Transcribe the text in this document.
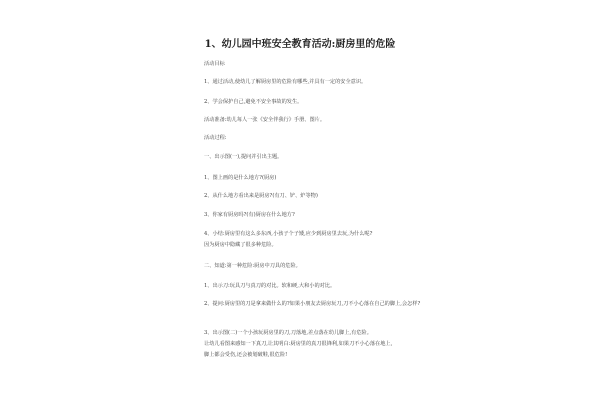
1、幼儿园中班安全教育活动:厨房里的危险
活动目标
1、通过活动,使幼儿了解厨房里的危险有哪些,并具有一定的安全意识。
2、学会保护自己,避免不安全事故的发生。
活动准备:幼儿每人一张《安全伴我行》手册、图片。
活动过程:
一、出示图(一),提问并引出主题。
1、图上画的是什么地方?(厨房)
2、从什么地方看出来是厨房?(有刀、铲、炉等物)
3、你家有厨房吗?(有)厨房在什么地方?
4、小结:厨房里有这么多东西,小孩子个子矮,应少到厨房里去玩,为什么呢?
因为厨房中隐藏了很多种危险。
二、知道:第一种危险:厨房中刀具的危险。
1、出示刀:玩具刀与真刀的对比。软和硬,大和小的对比。
2、提问:厨房里的刀是拿来做什么的?如果小朋友去厨房玩刀,刀不小心落在自己的脚上,会怎样?
3、出示图(二)一个小孩玩厨房里的刀,刀落地,差点落在幼儿脚上,有危险。
让幼儿看图来感知一下真刀,让其明白:厨房里的真刀很锋利,如果刀不小心落在地上,
脚上都会受伤,还会被划破鞋,很危险!
